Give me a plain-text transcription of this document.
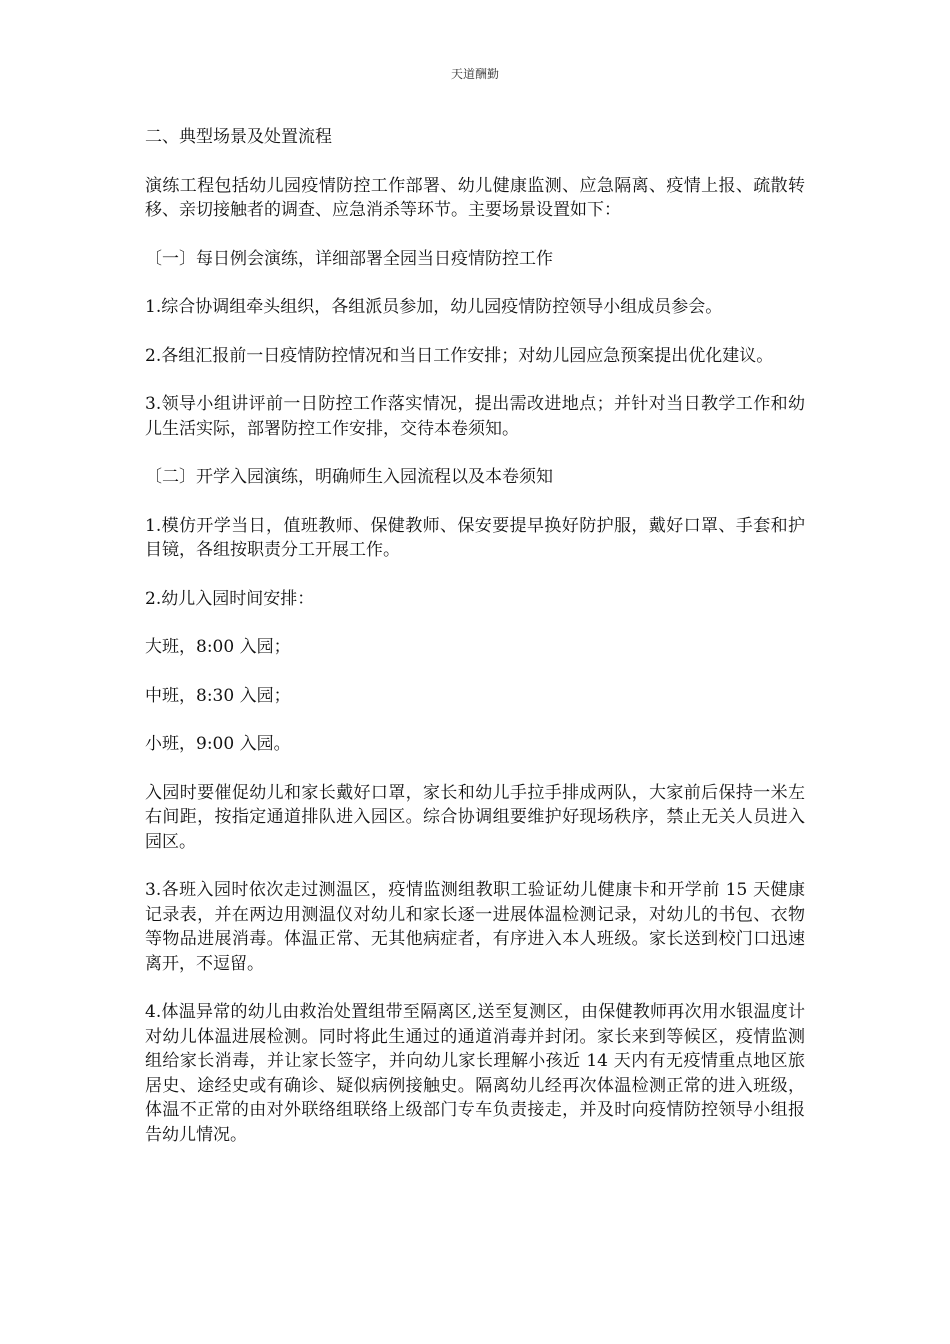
天道酬勤

二、典型场景及处置流程

演练工程包括幼儿园疫情防控工作部署、幼儿健康监测、应急隔离、疫情上报、疏散转移、亲切接触者的调查、应急消杀等环节。主要场景设置如下：

〔一〕每日例会演练，详细部署全园当日疫情防控工作

1.综合协调组牵头组织，各组派员参加，幼儿园疫情防控领导小组成员参会。

2.各组汇报前一日疫情防控情况和当日工作安排；对幼儿园应急预案提出优化建议。

3.领导小组讲评前一日防控工作落实情况，提出需改进地点；并针对当日教学工作和幼儿生活实际，部署防控工作安排，交待本卷须知。

〔二〕开学入园演练，明确师生入园流程以及本卷须知

1.模仿开学当日，值班教师、保健教师、保安要提早换好防护服，戴好口罩、手套和护目镜，各组按职责分工开展工作。

2.幼儿入园时间安排：

大班，8:00 入园；

中班，8:30 入园；

小班，9:00 入园。

入园时要催促幼儿和家长戴好口罩，家长和幼儿手拉手排成两队，大家前后保持一米左右间距，按指定通道排队进入园区。综合协调组要维护好现场秩序，禁止无关人员进入园区。

3.各班入园时依次走过测温区，疫情监测组教职工验证幼儿健康卡和开学前 15 天健康记录表，并在两边用测温仪对幼儿和家长逐一进展体温检测记录，对幼儿的书包、衣物等物品进展消毒。体温正常、无其他病症者，有序进入本人班级。家长送到校门口迅速离开，不逗留。

4.体温异常的幼儿由救治处置组带至隔离区,送至复测区，由保健教师再次用水银温度计对幼儿体温进展检测。同时将此生通过的通道消毒并封闭。家长来到等候区，疫情监测组给家长消毒，并让家长签字，并向幼儿家长理解小孩近 14 天内有无疫情重点地区旅居史、途经史或有确诊、疑似病例接触史。隔离幼儿经再次体温检测正常的进入班级，体温不正常的由对外联络组联络上级部门专车负责接走，并及时向疫情防控领导小组报告幼儿情况。
